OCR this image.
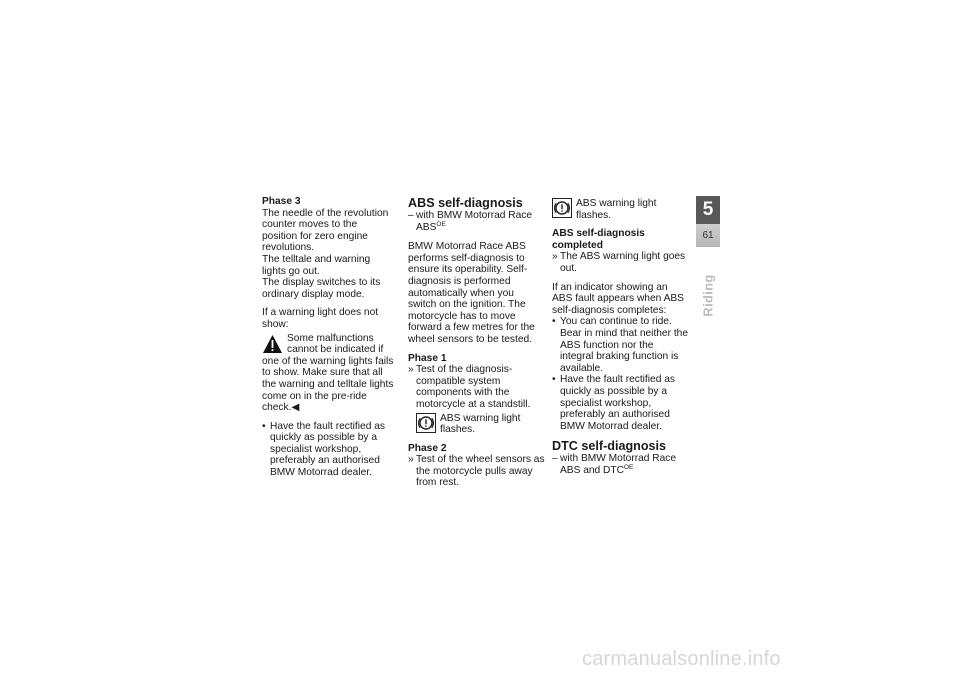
Phase 3

The needle of the revolution counter moves to the position for zero engine revolutions.

The telltale and warning lights go out.

The display switches to its ordinary display mode.

If a warning light does not show:

Some malfunctions cannot be indicated if one of the warning lights fails to show. Make sure that all the warning and telltale lights come on in the pre-ride check.◀

• Have the fault rectified as quickly as possible by a specialist workshop, preferably an authorised BMW Motorrad dealer.

ABS self-diagnosis

– with BMW Motorrad Race $ABS^{OE}$

BMW Motorrad Race ABS performs self-diagnosis to ensure its operability. Self-diagnosis is performed automatically when you switch on the ignition. The motorcycle has to move forward a few metres for the wheel sensors to be tested.

Phase 1

» Test of the diagnosis-compatible system components with the motorcycle at a standstill.

ABS warning light flashes.

Phase 2

» Test of the wheel sensors as the motorcycle pulls away from rest.

ABS warning light flashes.

ABS self-diagnosis completed

» The ABS warning light goes out.

If an indicator showing an ABS fault appears when ABS self-diagnosis completes:

• You can continue to ride. Bear in mind that neither the ABS function nor the integral braking function is available.

• Have the fault rectified as quickly as possible by a specialist workshop, preferably an authorised BMW Motorrad dealer.

DTC self-diagnosis

– with BMW Motorrad Race ABS and $DTC^{OE}$

5
61
Riding
carmanualsonline.info
